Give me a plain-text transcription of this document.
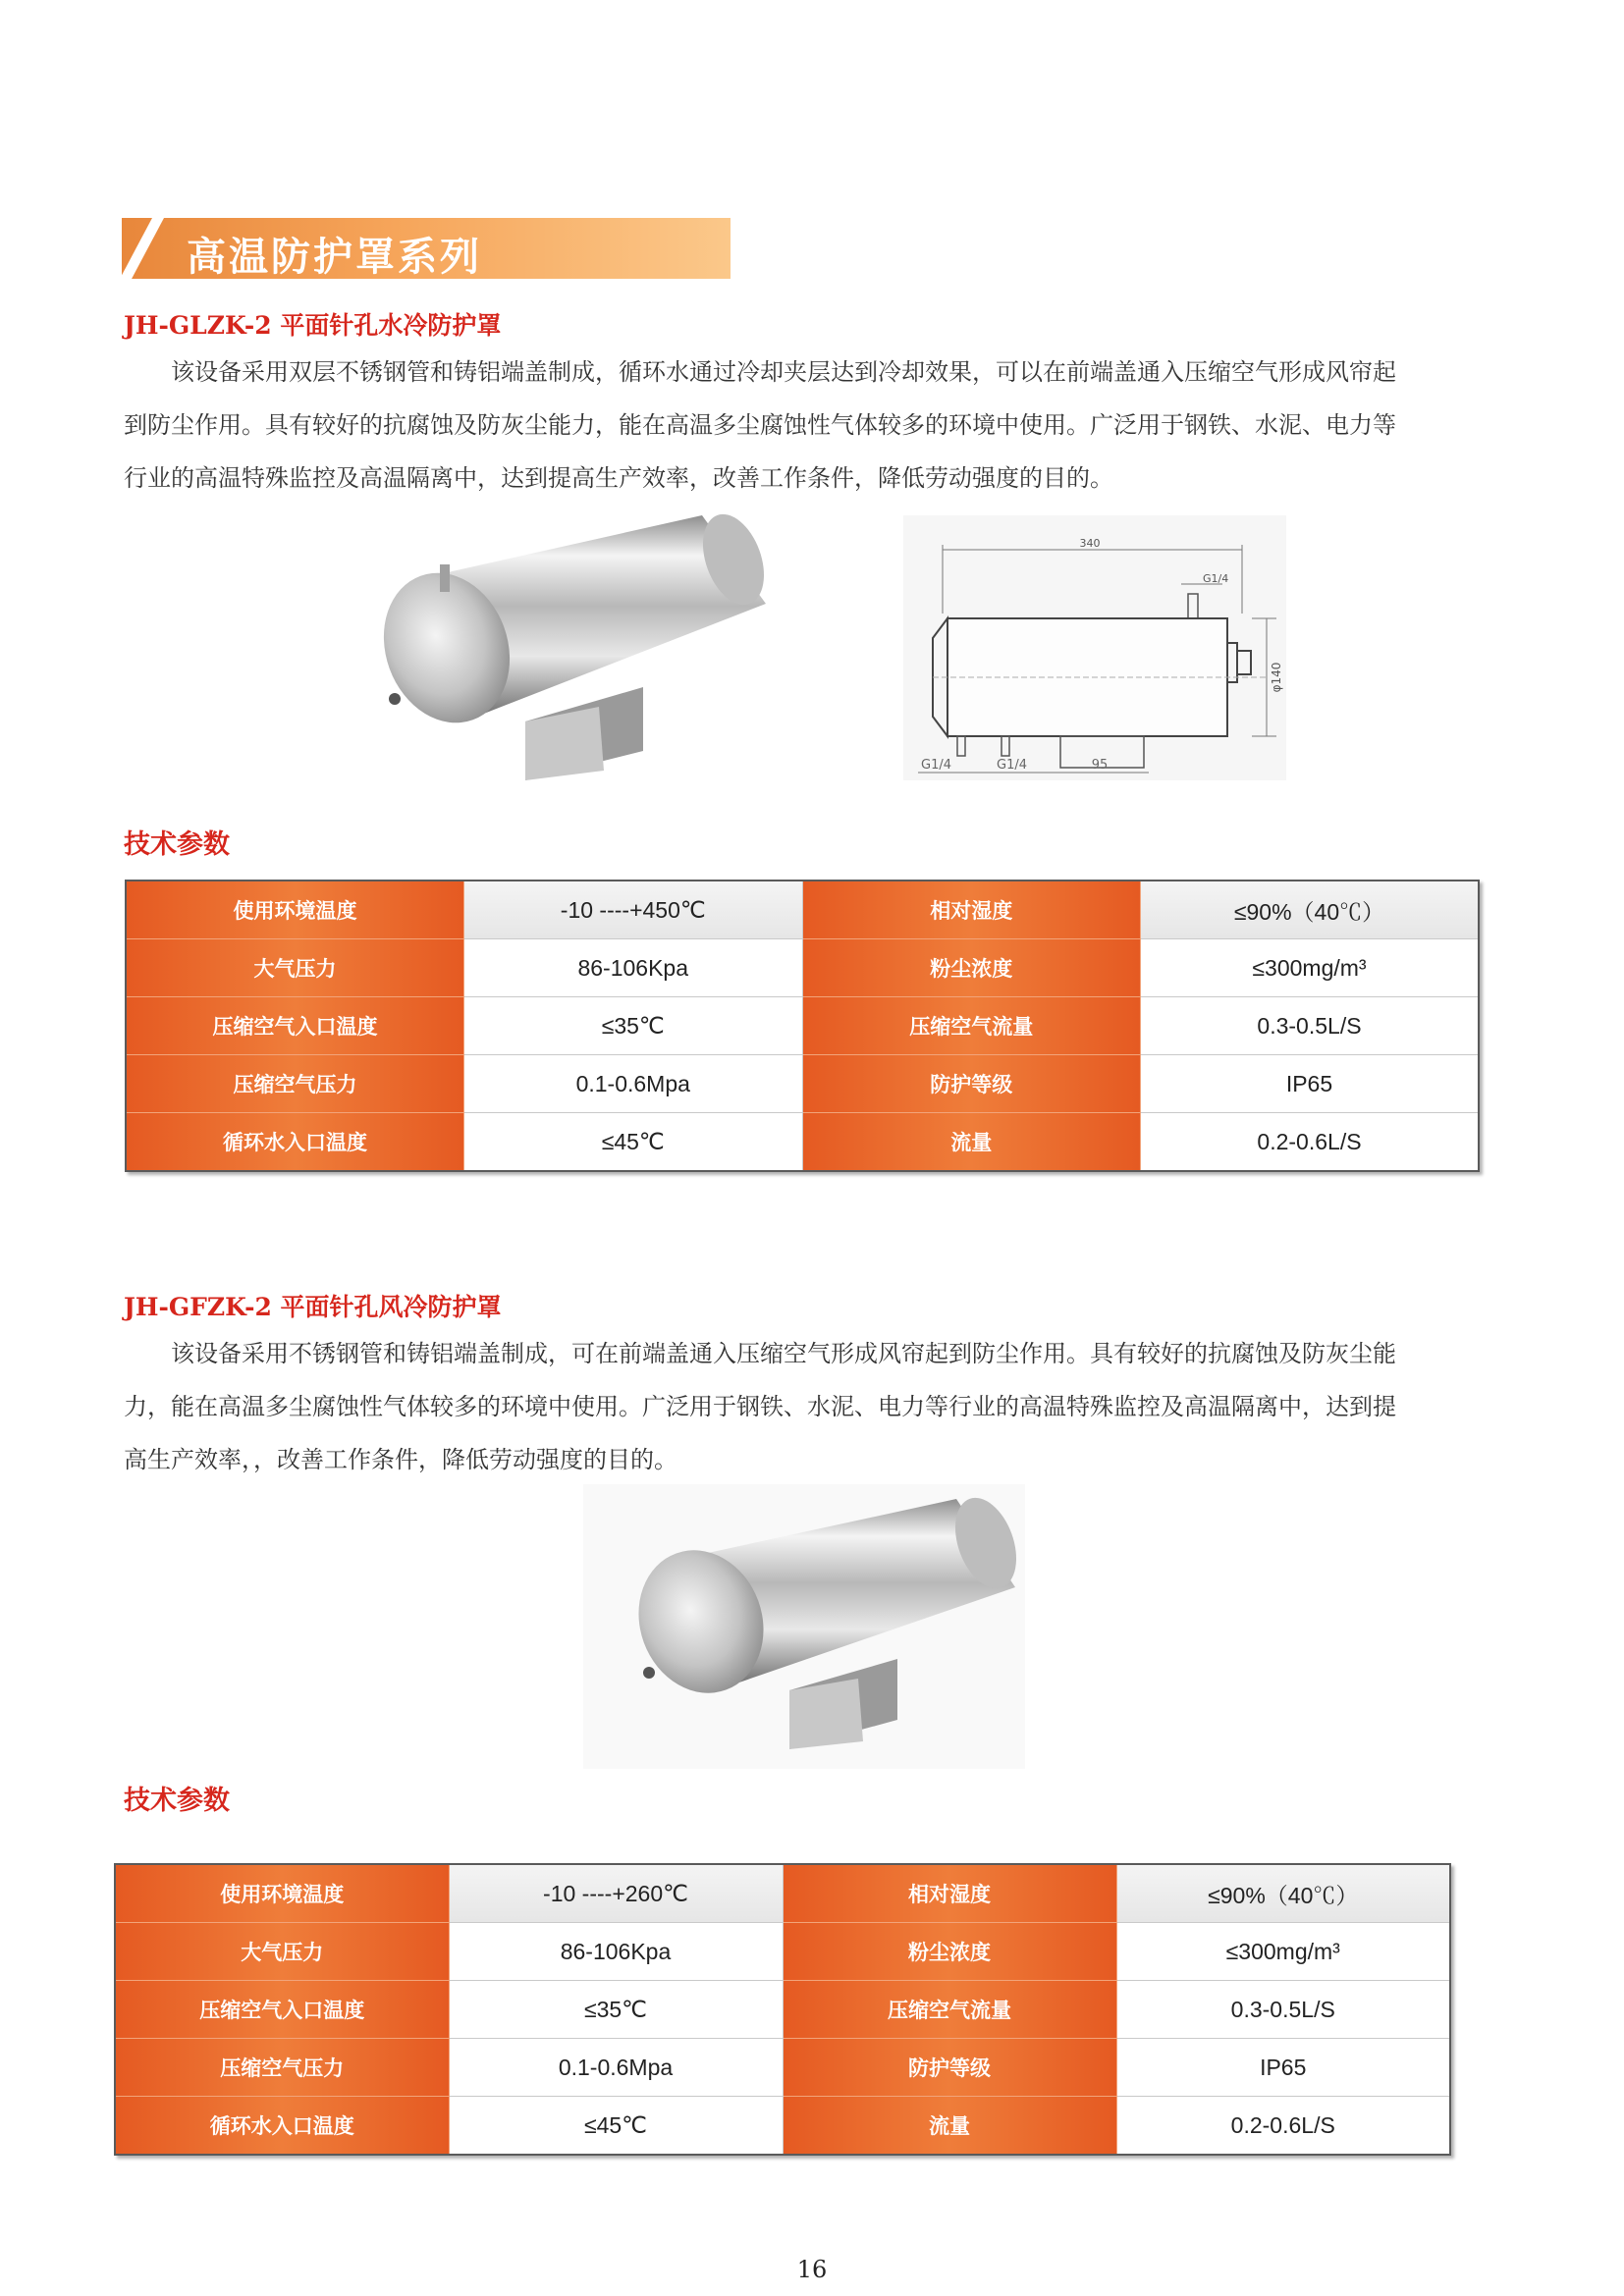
高温防护罩系列
JH-GLZK-2 平面针孔水冷防护罩
　　该设备采用双层不锈钢管和铸铝端盖制成，循环水通过冷却夹层达到冷却效果，可以在前端盖通入压缩空气形成风帘起
到防尘作用。具有较好的抗腐蚀及防灰尘能力，能在高温多尘腐蚀性气体较多的环境中使用。广泛用于钢铁、水泥、电力等
行业的高温特殊监控及高温隔离中，达到提高生产效率，改善工作条件，降低劳动强度的目的。
340
G1/4
φ140
G1/4	G1/4	95
技术参数
使用环境温度	-10 ----+450℃	相对湿度	≤90%（40℃）
大气压力	86-106Kpa	粉尘浓度	≤300mg/m³
压缩空气入口温度	≤35℃	压缩空气流量	0.3-0.5L/S
压缩空气压力	0.1-0.6Mpa	防护等级	IP65
循环水入口温度	≤45℃	流量	0.2-0.6L/S
JH-GFZK-2 平面针孔风冷防护罩
　　该设备采用不锈钢管和铸铝端盖制成，可在前端盖通入压缩空气形成风帘起到防尘作用。具有较好的抗腐蚀及防灰尘能
力，能在高温多尘腐蚀性气体较多的环境中使用。广泛用于钢铁、水泥、电力等行业的高温特殊监控及高温隔离中，达到提
高生产效率，，改善工作条件，降低劳动强度的目的。
技术参数
使用环境温度	-10 ----+260℃	相对湿度	≤90%（40℃）
大气压力	86-106Kpa	粉尘浓度	≤300mg/m³
压缩空气入口温度	≤35℃	压缩空气流量	0.3-0.5L/S
压缩空气压力	0.1-0.6Mpa	防护等级	IP65
循环水入口温度	≤45℃	流量	0.2-0.6L/S
16
